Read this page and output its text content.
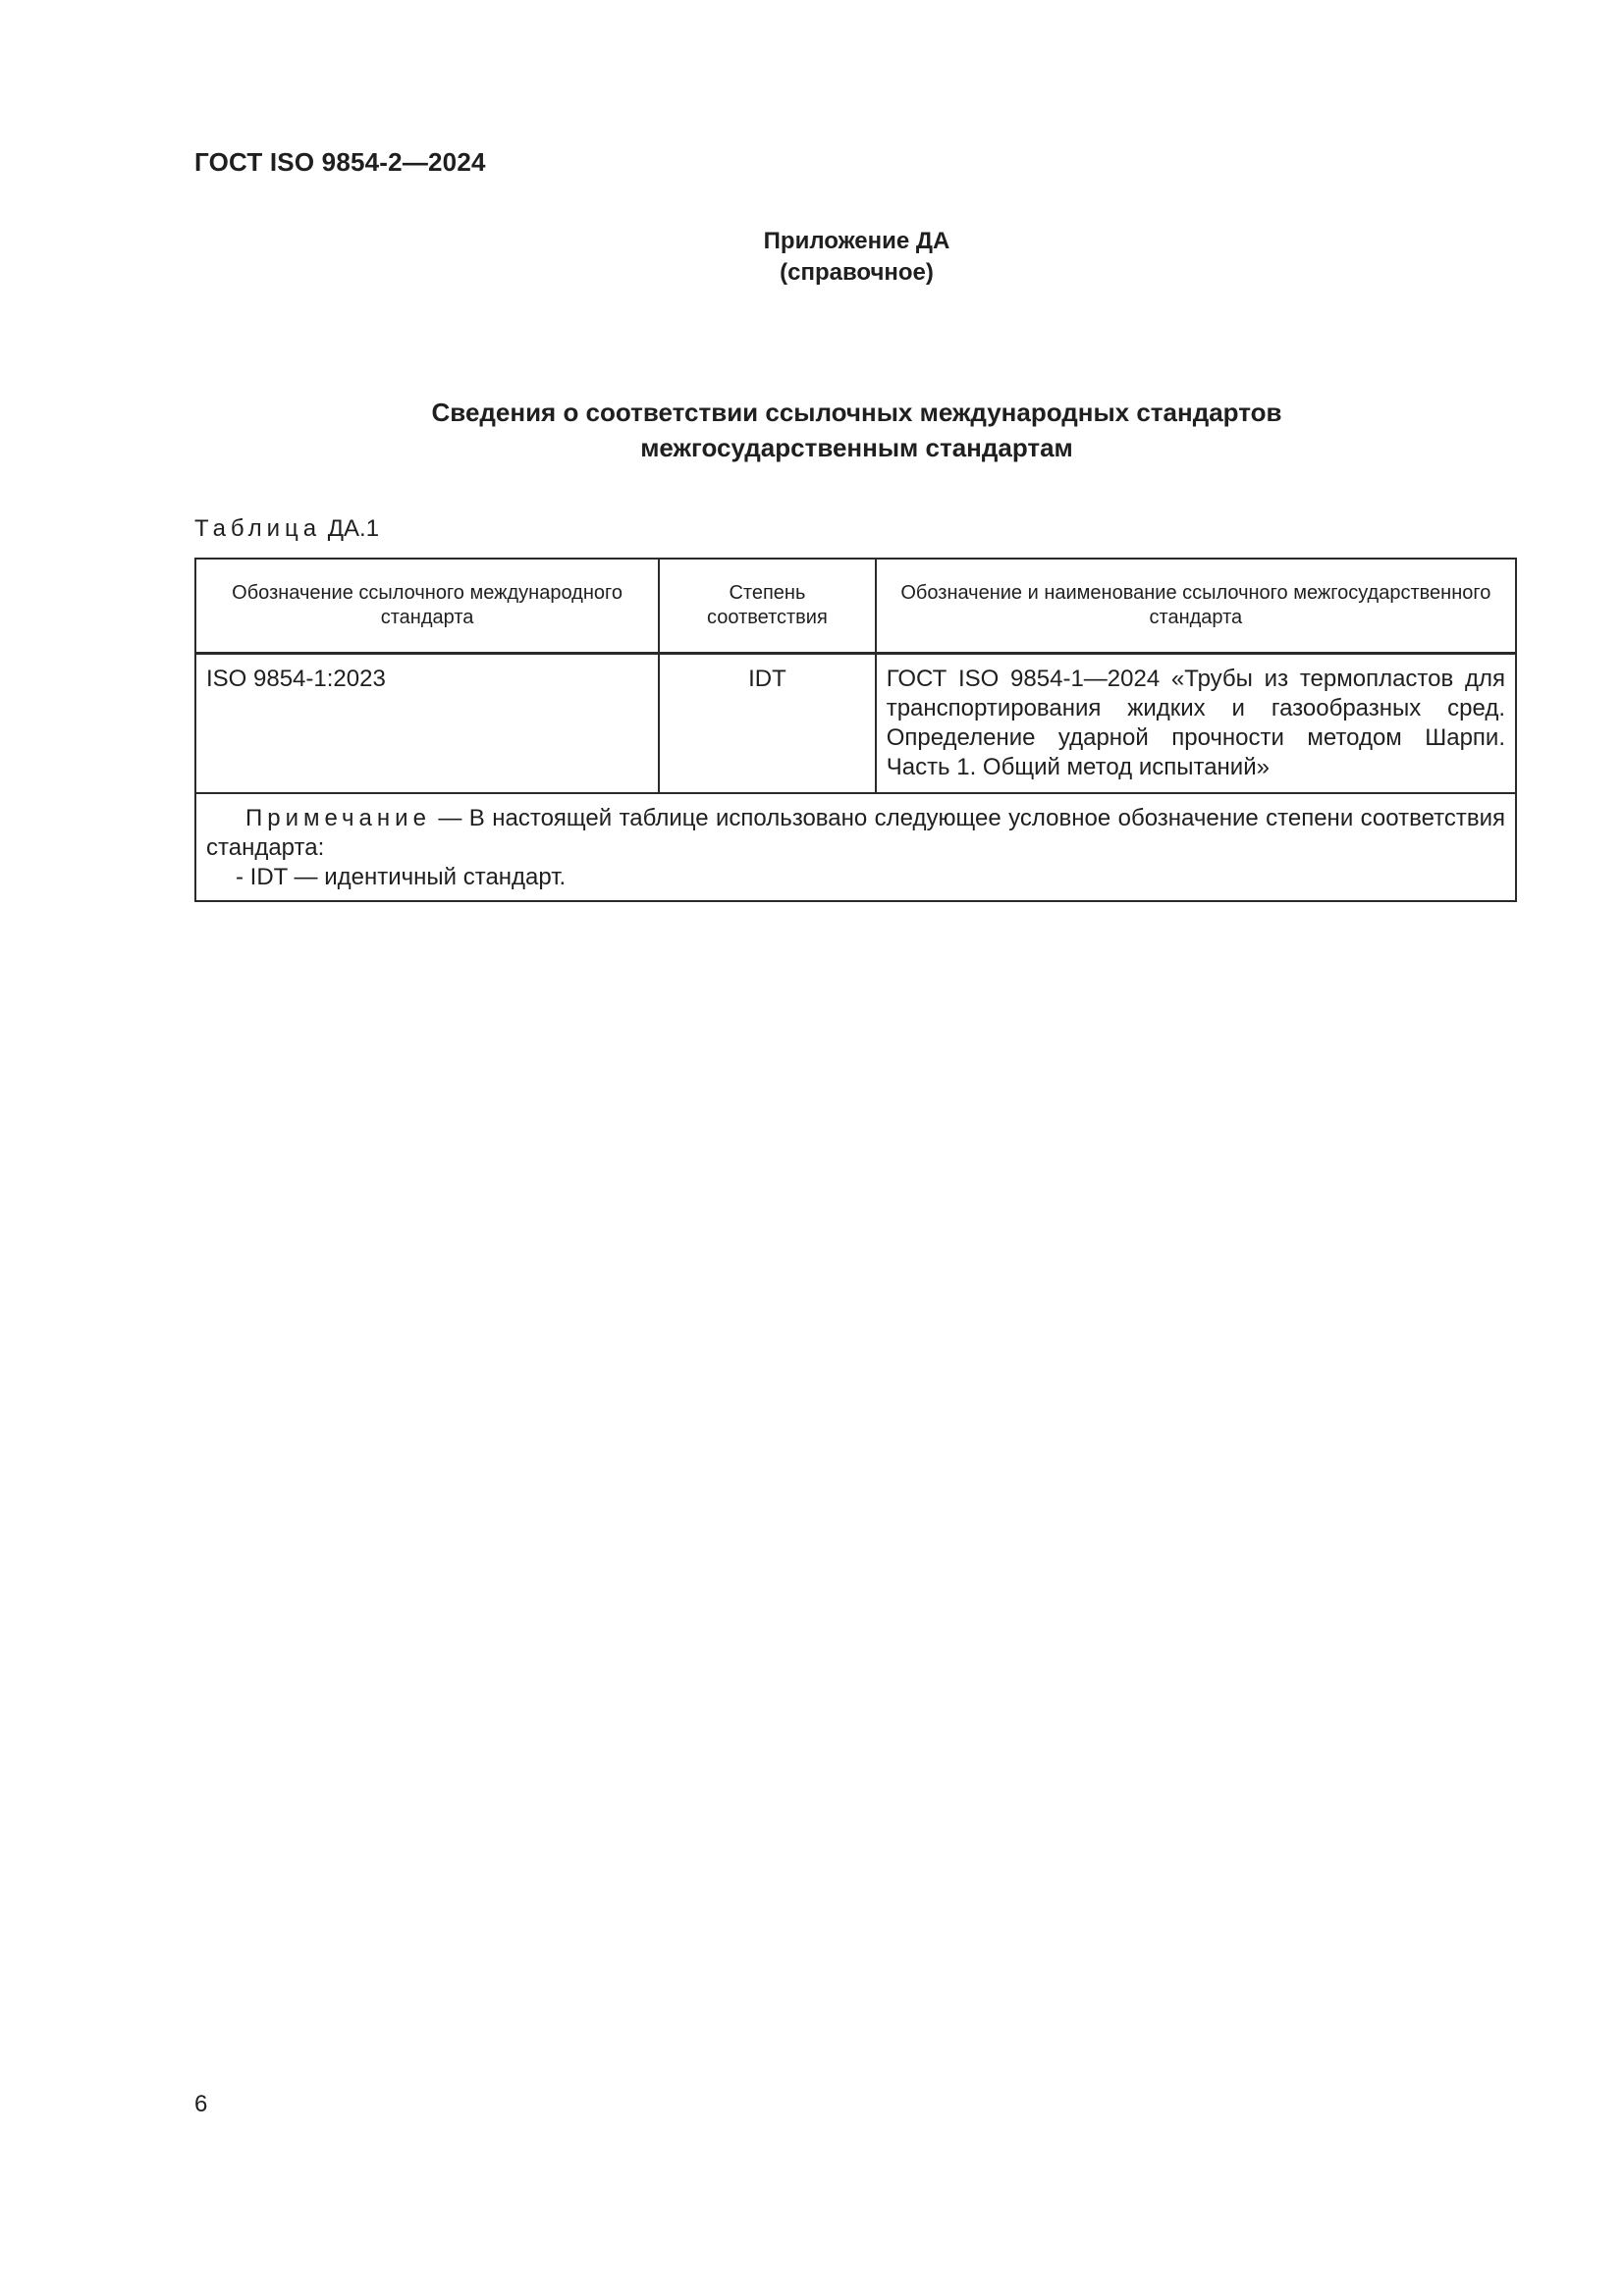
ГОСТ ISO 9854-2—2024
Приложение ДА
(справочное)
Сведения о соответствии ссылочных международных стандартов
межгосударственным стандартам
Таблица ДА.1
Обозначение ссылочного международного стандарта	Степень соответствия	Обозначение и наименование ссылочного межгосударственного стандарта
ISO 9854-1:2023	IDT	ГОСТ ISO 9854-1—2024 «Трубы из термопластов для транспортирования жидких и газообразных сред. Определение ударной прочности методом Шарпи. Часть 1. Общий метод испытаний»

Примечание — В настоящей таблице использовано следующее условное обозначение степени соответствия стандарта:
- IDT — идентичный стандарт.		
6
